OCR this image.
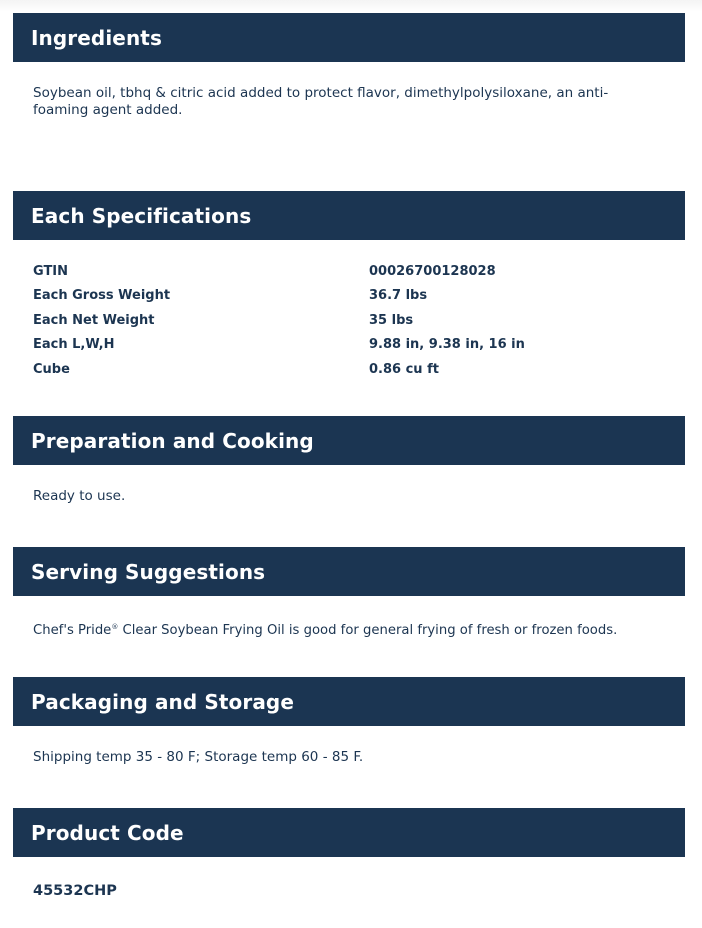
Ingredients
Soybean oil, tbhq & citric acid added to protect flavor, dimethylpolysiloxane, an anti-foaming agent added.
Each Specifications
GTIN	00026700128028
Each Gross Weight	36.7 lbs
Each Net Weight	35 lbs
Each L,W,H	9.88 in, 9.38 in, 16 in
Cube	0.86 cu ft
Preparation and Cooking
Ready to use.
Serving Suggestions
Chef's Pride® Clear Soybean Frying Oil is good for general frying of fresh or frozen foods.
Packaging and Storage
Shipping temp 35 - 80 F; Storage temp 60 - 85 F.
Product Code
45532CHP
